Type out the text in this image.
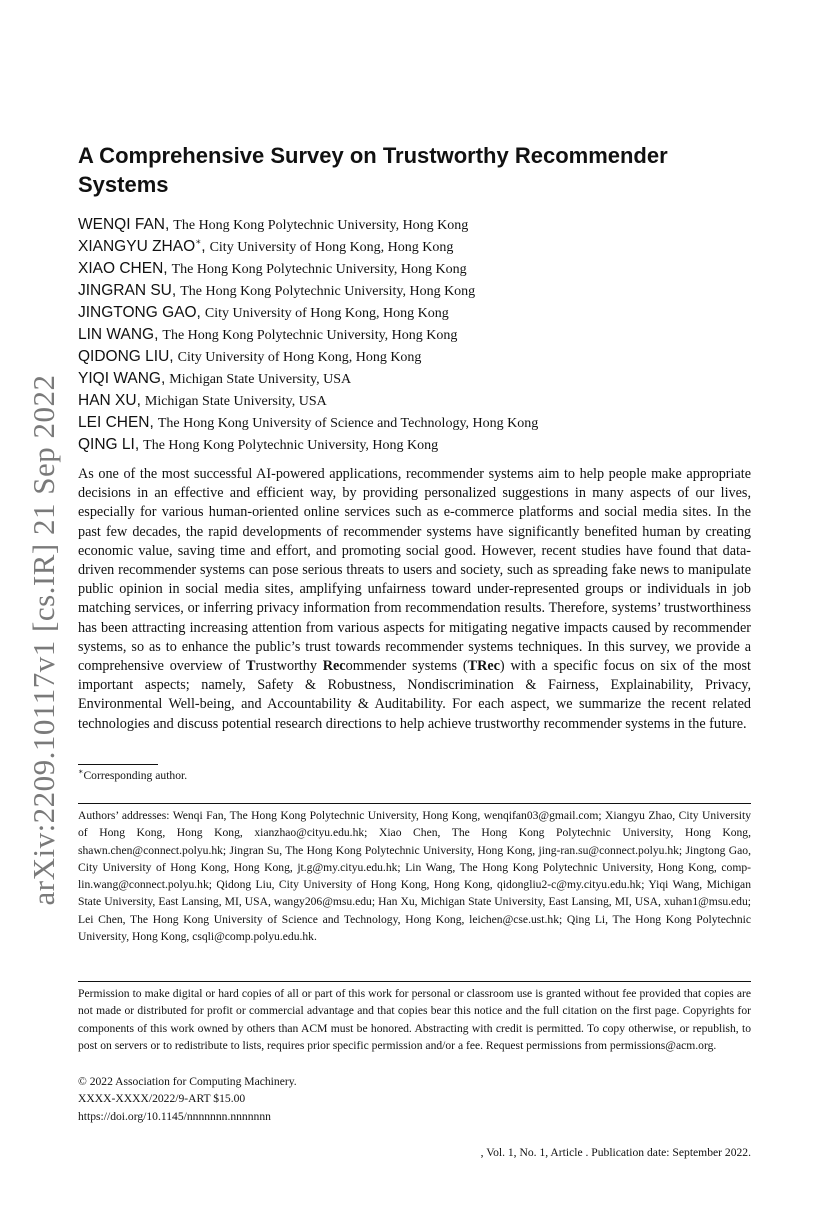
arXiv:2209.10117v1 [cs.IR] 21 Sep 2022
A Comprehensive Survey on Trustworthy Recommender Systems
WENQI FAN, The Hong Kong Polytechnic University, Hong Kong
XIANGYU ZHAO∗, City University of Hong Kong, Hong Kong
XIAO CHEN, The Hong Kong Polytechnic University, Hong Kong
JINGRAN SU, The Hong Kong Polytechnic University, Hong Kong
JINGTONG GAO, City University of Hong Kong, Hong Kong
LIN WANG, The Hong Kong Polytechnic University, Hong Kong
QIDONG LIU, City University of Hong Kong, Hong Kong
YIQI WANG, Michigan State University, USA
HAN XU, Michigan State University, USA
LEI CHEN, The Hong Kong University of Science and Technology, Hong Kong
QING LI, The Hong Kong Polytechnic University, Hong Kong

As one of the most successful AI-powered applications, recommender systems aim to help people make appropriate decisions in an effective and efficient way, by providing personalized suggestions in many aspects of our lives, especially for various human-oriented online services such as e-commerce platforms and social media sites. In the past few decades, the rapid developments of recommender systems have significantly benefited human by creating economic value, saving time and effort, and promoting social good. However, recent studies have found that data-driven recommender systems can pose serious threats to users and society, such as spreading fake news to manipulate public opinion in social media sites, amplifying unfairness toward under-represented groups or individuals in job matching services, or inferring privacy information from recommendation results. Therefore, systems’ trustworthiness has been attracting increasing attention from various aspects for mitigating negative impacts caused by recommender systems, so as to enhance the public’s trust towards recommender systems techniques. In this survey, we provide a comprehensive overview of Trustworthy Recommender systems (TRec) with a specific focus on six of the most important aspects; namely, Safety & Robustness, Nondiscrimination & Fairness, Explainability, Privacy, Environmental Well-being, and Accountability & Auditability. For each aspect, we summarize the recent related technologies and discuss potential research directions to help achieve trustworthy recommender systems in the future.

∗Corresponding author.

Authors’ addresses: Wenqi Fan, The Hong Kong Polytechnic University, Hong Kong, wenqifan03@gmail.com; Xiangyu Zhao, City University of Hong Kong, Hong Kong, xianzhao@cityu.edu.hk; Xiao Chen, The Hong Kong Polytechnic University, Hong Kong, shawn.chen@connect.polyu.hk; Jingran Su, The Hong Kong Polytechnic University, Hong Kong, jing-ran.su@connect.polyu.hk; Jingtong Gao, City University of Hong Kong, Hong Kong, jt.g@my.cityu.edu.hk; Lin Wang, The Hong Kong Polytechnic University, Hong Kong, comp-lin.wang@connect.polyu.hk; Qidong Liu, City University of Hong Kong, Hong Kong, qidongliu2-c@my.cityu.edu.hk; Yiqi Wang, Michigan State University, East Lansing, MI, USA, wangy206@msu.edu; Han Xu, Michigan State University, East Lansing, MI, USA, xuhan1@msu.edu; Lei Chen, The Hong Kong University of Science and Technology, Hong Kong, leichen@cse.ust.hk; Qing Li, The Hong Kong Polytechnic University, Hong Kong, csqli@comp.polyu.edu.hk.

Permission to make digital or hard copies of all or part of this work for personal or classroom use is granted without fee provided that copies are not made or distributed for profit or commercial advantage and that copies bear this notice and the full citation on the first page. Copyrights for components of this work owned by others than ACM must be honored. Abstracting with credit is permitted. To copy otherwise, or republish, to post on servers or to redistribute to lists, requires prior specific permission and/or a fee. Request permissions from permissions@acm.org.

© 2022 Association for Computing Machinery.
XXXX-XXXX/2022/9-ART $15.00
https://doi.org/10.1145/nnnnnnn.nnnnnnn
, Vol. 1, No. 1, Article . Publication date: September 2022.
